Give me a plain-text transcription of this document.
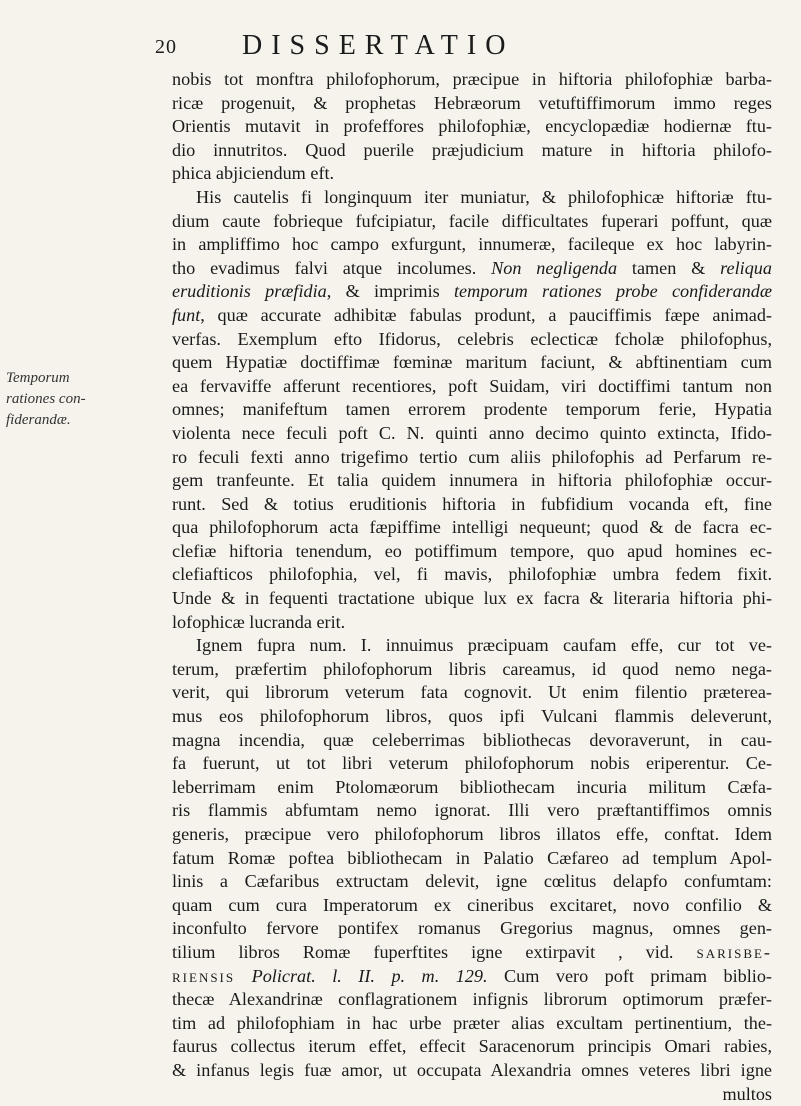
20 DISSERTATIO
Temporum
rationes con-
fiderandæ.
nobis tot monftra philofophorum, præcipue in hiftoria philofophiæ barba-
ricæ progenuit, & prophetas Hebræorum vetuftiffimorum immo reges
Orientis mutavit in profeffores philofophiæ, encyclopædiæ hodiernæ ftu-
dio innutritos. Quod puerile præjudicium mature in hiftoria philofo-
phica abjiciendum eft.
His cautelis fi longinquum iter muniatur, & philofophicæ hiftoriæ ftu-
dium caute fobrieque fufcipiatur, facile difficultates fuperari poffunt, quæ
in ampliffimo hoc campo exfurgunt, innumeræ, facileque ex hoc labyrin-
tho evadimus falvi atque incolumes. Non negligenda tamen & reliqua
eruditionis præfidia, & imprimis temporum rationes probe confiderandæ
funt, quæ accurate adhibitæ fabulas produnt, a pauciffimis fæpe animad-
verfas. Exemplum efto Ifidorus, celebris eclecticæ fcholæ philofophus,
quem Hypatiæ doctiffimæ fœminæ maritum faciunt, & abftinentiam cum
ea fervaviffe afferunt recentiores, poft Suidam, viri doctiffimi tantum non
omnes; manifeftum tamen errorem prodente temporum ferie, Hypatia
violenta nece feculi poft C. N. quinti anno decimo quinto extincta, Ifido-
ro feculi fexti anno trigefimo tertio cum aliis philofophis ad Perfarum re-
gem tranfeunte. Et talia quidem innumera in hiftoria philofophiæ occur-
runt. Sed & totius eruditionis hiftoria in fubfidium vocanda eft, fine
qua philofophorum acta fæpiffime intelligi nequeunt; quod & de facra ec-
clefiæ hiftoria tenendum, eo potiffimum tempore, quo apud homines ec-
clefiafticos philofophia, vel, fi mavis, philofophiæ umbra fedem fixit.
Unde & in fequenti tractatione ubique lux ex facra & literaria hiftoria phi-
lofophicæ lucranda erit.
Ignem fupra num. I. innuimus præcipuam caufam effe, cur tot ve-
terum, præfertim philofophorum libris careamus, id quod nemo nega-
verit, qui librorum veterum fata cognovit. Ut enim filentio præterea-
mus eos philofophorum libros, quos ipfi Vulcani flammis deleverunt,
magna incendia, quæ celeberrimas bibliothecas devoraverunt, in cau-
fa fuerunt, ut tot libri veterum philofophorum nobis eriperentur. Ce-
leberrimam enim Ptolomæorum bibliothecam incuria militum Cæfa-
ris flammis abfumtam nemo ignorat. Illi vero præftantiffimos omnis
generis, præcipue vero philofophorum libros illatos effe, conftat. Idem
fatum Romæ poftea bibliothecam in Palatio Cæfareo ad templum Apol-
linis a Cæfaribus extructam delevit, igne cœlitus delapfo confumtam:
quam cum cura Imperatorum ex cineribus excitaret, novo confilio &
inconfulto fervore pontifex romanus Gregorius magnus, omnes gen-
tilium libros Romæ fuperftites igne extirpavit , vid. sarisbe-
riensis Policrat. l. II. p. m. 129. Cum vero poft primam biblio-
thecæ Alexandrinæ conflagrationem infignis librorum optimorum præfer-
tim ad philofophiam in hac urbe præter alias excultam pertinentium, the-
faurus collectus iterum effet, effecit Saracenorum principis Omari rabies,
& infanus legis fuæ amor, ut occupata Alexandria omnes veteres libri igne
multos
